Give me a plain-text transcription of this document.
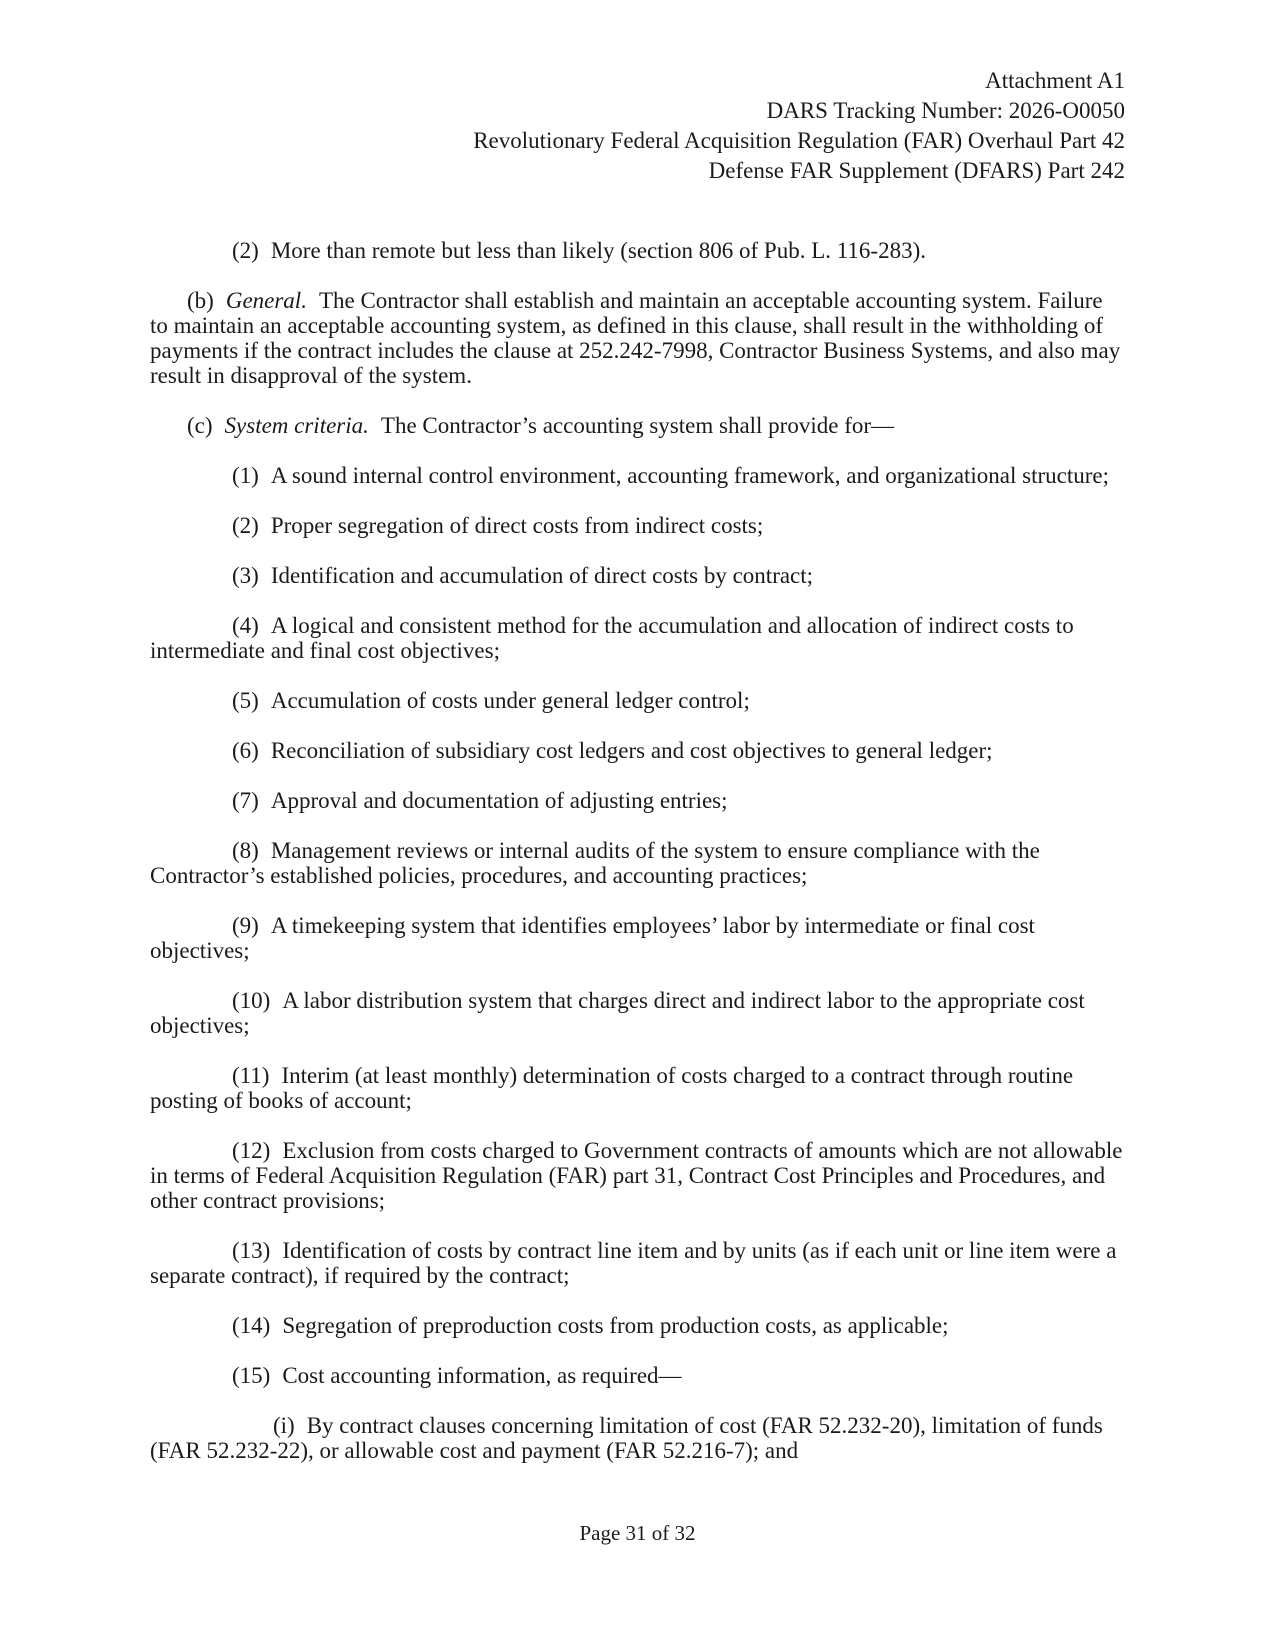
Attachment A1
DARS Tracking Number: 2026-O0050
Revolutionary Federal Acquisition Regulation (FAR) Overhaul Part 42
Defense FAR Supplement (DFARS) Part 242

(2) More than remote but less than likely (section 806 of Pub. L. 116-283).

(b) General. The Contractor shall establish and maintain an acceptable accounting system. Failure to maintain an acceptable accounting system, as defined in this clause, shall result in the withholding of payments if the contract includes the clause at 252.242-7998, Contractor Business Systems, and also may result in disapproval of the system.

(c) System criteria. The Contractor’s accounting system shall provide for—

(1) A sound internal control environment, accounting framework, and organizational structure;

(2) Proper segregation of direct costs from indirect costs;

(3) Identification and accumulation of direct costs by contract;

(4) A logical and consistent method for the accumulation and allocation of indirect costs to intermediate and final cost objectives;

(5) Accumulation of costs under general ledger control;

(6) Reconciliation of subsidiary cost ledgers and cost objectives to general ledger;

(7) Approval and documentation of adjusting entries;

(8) Management reviews or internal audits of the system to ensure compliance with the Contractor’s established policies, procedures, and accounting practices;

(9) A timekeeping system that identifies employees’ labor by intermediate or final cost objectives;

(10) A labor distribution system that charges direct and indirect labor to the appropriate cost objectives;

(11) Interim (at least monthly) determination of costs charged to a contract through routine posting of books of account;

(12) Exclusion from costs charged to Government contracts of amounts which are not allowable in terms of Federal Acquisition Regulation (FAR) part 31, Contract Cost Principles and Procedures, and other contract provisions;

(13) Identification of costs by contract line item and by units (as if each unit or line item were a separate contract), if required by the contract;

(14) Segregation of preproduction costs from production costs, as applicable;

(15) Cost accounting information, as required—

(i) By contract clauses concerning limitation of cost (FAR 52.232-20), limitation of funds (FAR 52.232-22), or allowable cost and payment (FAR 52.216-7); and

Page 31 of 32
